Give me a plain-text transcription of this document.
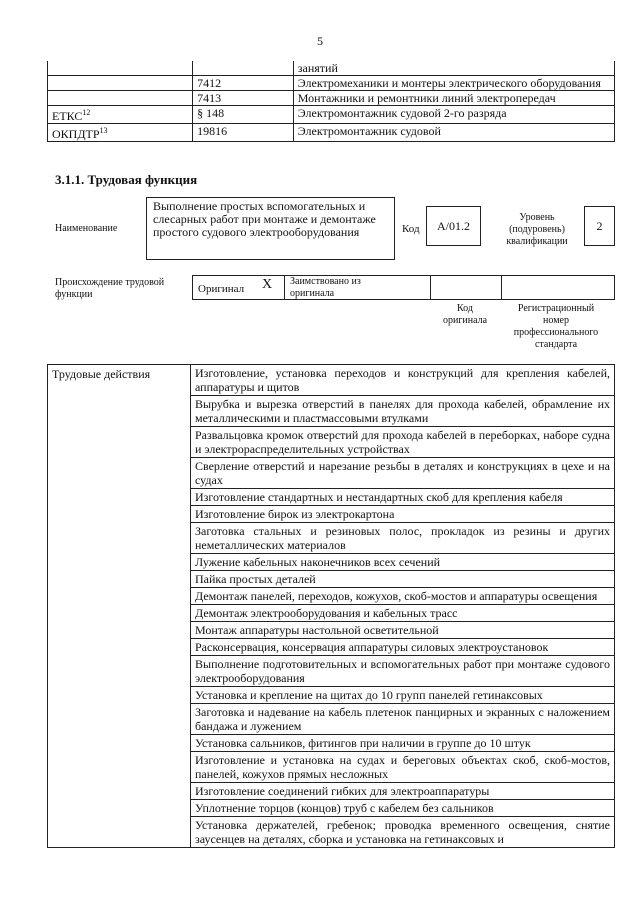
5
		занятий
	7412	Электромеханики и монтеры электрического оборудования
	7413	Монтажники и ремонтники линий электропередач
ЕТКС$^{12}$	§ 148	Электромонтажник судовой 2-го разряда
ОКПДТР$^{13}$	19816	Электромонтажник судовой
3.1.1. Трудовая функция
Наименование
Выполнение простых вспомогательных и слесарных работ при монтаже и демонтаже простого судового электрооборудования	Код A/01.2
Уровень (подуровень) квалификации
2
Происхождение трудовой функции	Оригинал X Заимствовано из оригинала
Код оригинала
Регистрационный номер профессионального стандарта
Трудовые действия	Изготовление, установка переходов и конструкций для крепления кабелей, аппаратуры и щитов
Вырубка и вырезка отверстий в панелях для прохода кабелей, обрамление их металлическими и пластмассовыми втулками
Развальцовка кромок отверстий для прохода кабелей в переборках, наборе судна и электрораспределительных устройствах
Сверление отверстий и нарезание резьбы в деталях и конструкциях в цехе и на судах
Изготовление стандартных и нестандартных скоб для крепления кабеля
Изготовление бирок из электрокартона
Заготовка стальных и резиновых полос, прокладок из резины и других неметаллических материалов
Лужение кабельных наконечников всех сечений
Пайка простых деталей
Демонтаж панелей, переходов, кожухов, скоб-мостов и аппаратуры освещения
Демонтаж электрооборудования и кабельных трасс
Монтаж аппаратуры настольной осветительной
Расконсервация, консервация аппаратуры силовых электроустановок
Выполнение подготовительных и вспомогательных работ при монтаже судового электрооборудования
Установка и крепление на щитах до 10 групп панелей гетинаксовых
Заготовка и надевание на кабель плетенок панцирных и экранных с наложением бандажа и лужением
Установка сальников, фитингов при наличии в группе до 10 штук
Изготовление и установка на судах и береговых объектах скоб, скоб-мостов, панелей, кожухов прямых несложных
Изготовление соединений гибких для электроаппаратуры
Уплотнение торцов (концов) труб с кабелем без сальников
Установка держателей, гребенок; проводка временного освещения, снятие заусенцев на деталях, сборка и установка на гетинаксовых и
